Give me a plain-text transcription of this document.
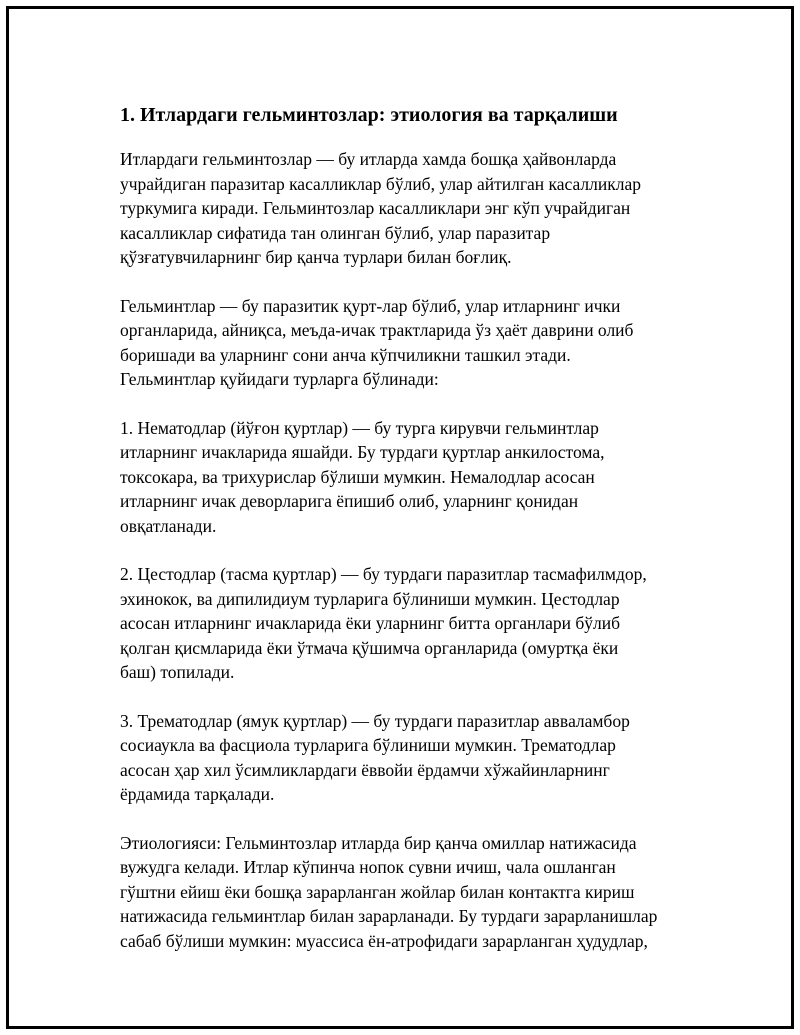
1. Итлардаги гельминтозлар: этиология ва тарқалиши

Итлардаги гельминтозлар — бу итларда хамда бошқа ҳайвонларда
учрайдиган паразитар касалликлар бўлиб, улар айтилган касалликлар
туркумига киради. Гельминтозлар касалликлари энг кўп учрайдиган
касалликлар сифатида тан олинган бўлиб, улар паразитар
қўзғатувчиларнинг бир қанча турлари билан боғлиқ.

Гельминтлар — бу паразитик қурт-лар бўлиб, улар итларнинг ички
органларида, айниқса, меъда-ичак трактларида ўз ҳаёт даврини олиб
боришади ва уларнинг сони анча кўпчиликни ташкил этади.
Гельминтлар қуйидаги турларга бўлинади:

1. Нематодлар (йўғон қуртлар) — бу турга кирувчи гельминтлар
итларнинг ичакларида яшайди. Бу турдаги қуртлар анкилостома,
токсокара, ва трихурислар бўлиши мумкин. Немалодлар асосан
итларнинг ичак деворларига ёпишиб олиб, уларнинг қонидан
овқатланади.

2. Цестодлар (тасма қуртлар) — бу турдаги паразитлар тасмафилмдор,
эхинокок, ва дипилидиум турларига бўлиниши мумкин. Цестодлар
асосан итларнинг ичакларида ёки уларнинг битта органлари бўлиб
қолган қисмларида ёки ўтмача қўшимча органларида (омуртқа ёки
баш) топилади.

3. Трематодлар (ямук қуртлар) — бу турдаги паразитлар аввaламбор
сосиаукла ва фасциола турларига бўлиниши мумкин. Трематодлар
асосан ҳар хил ўсимликлардаги ёввойи ёрдамчи хўжайинларнинг
ёрдамида тарқалади.

Этиологияси: Гельминтозлар итларда бир қанча омиллар натижасида
вужудга келади. Итлар кўпинча нопок сувни ичиш, чала ошланган
гўштни ейиш ёки бошқа зарарланган жойлар билан контактга кириш
натижасида гельминтлар билан зарарланади. Бу турдаги зарарланишлар
сабаб бўлиши мумкин: муассиса ён-атрофидаги зарарланган ҳудудлар,
